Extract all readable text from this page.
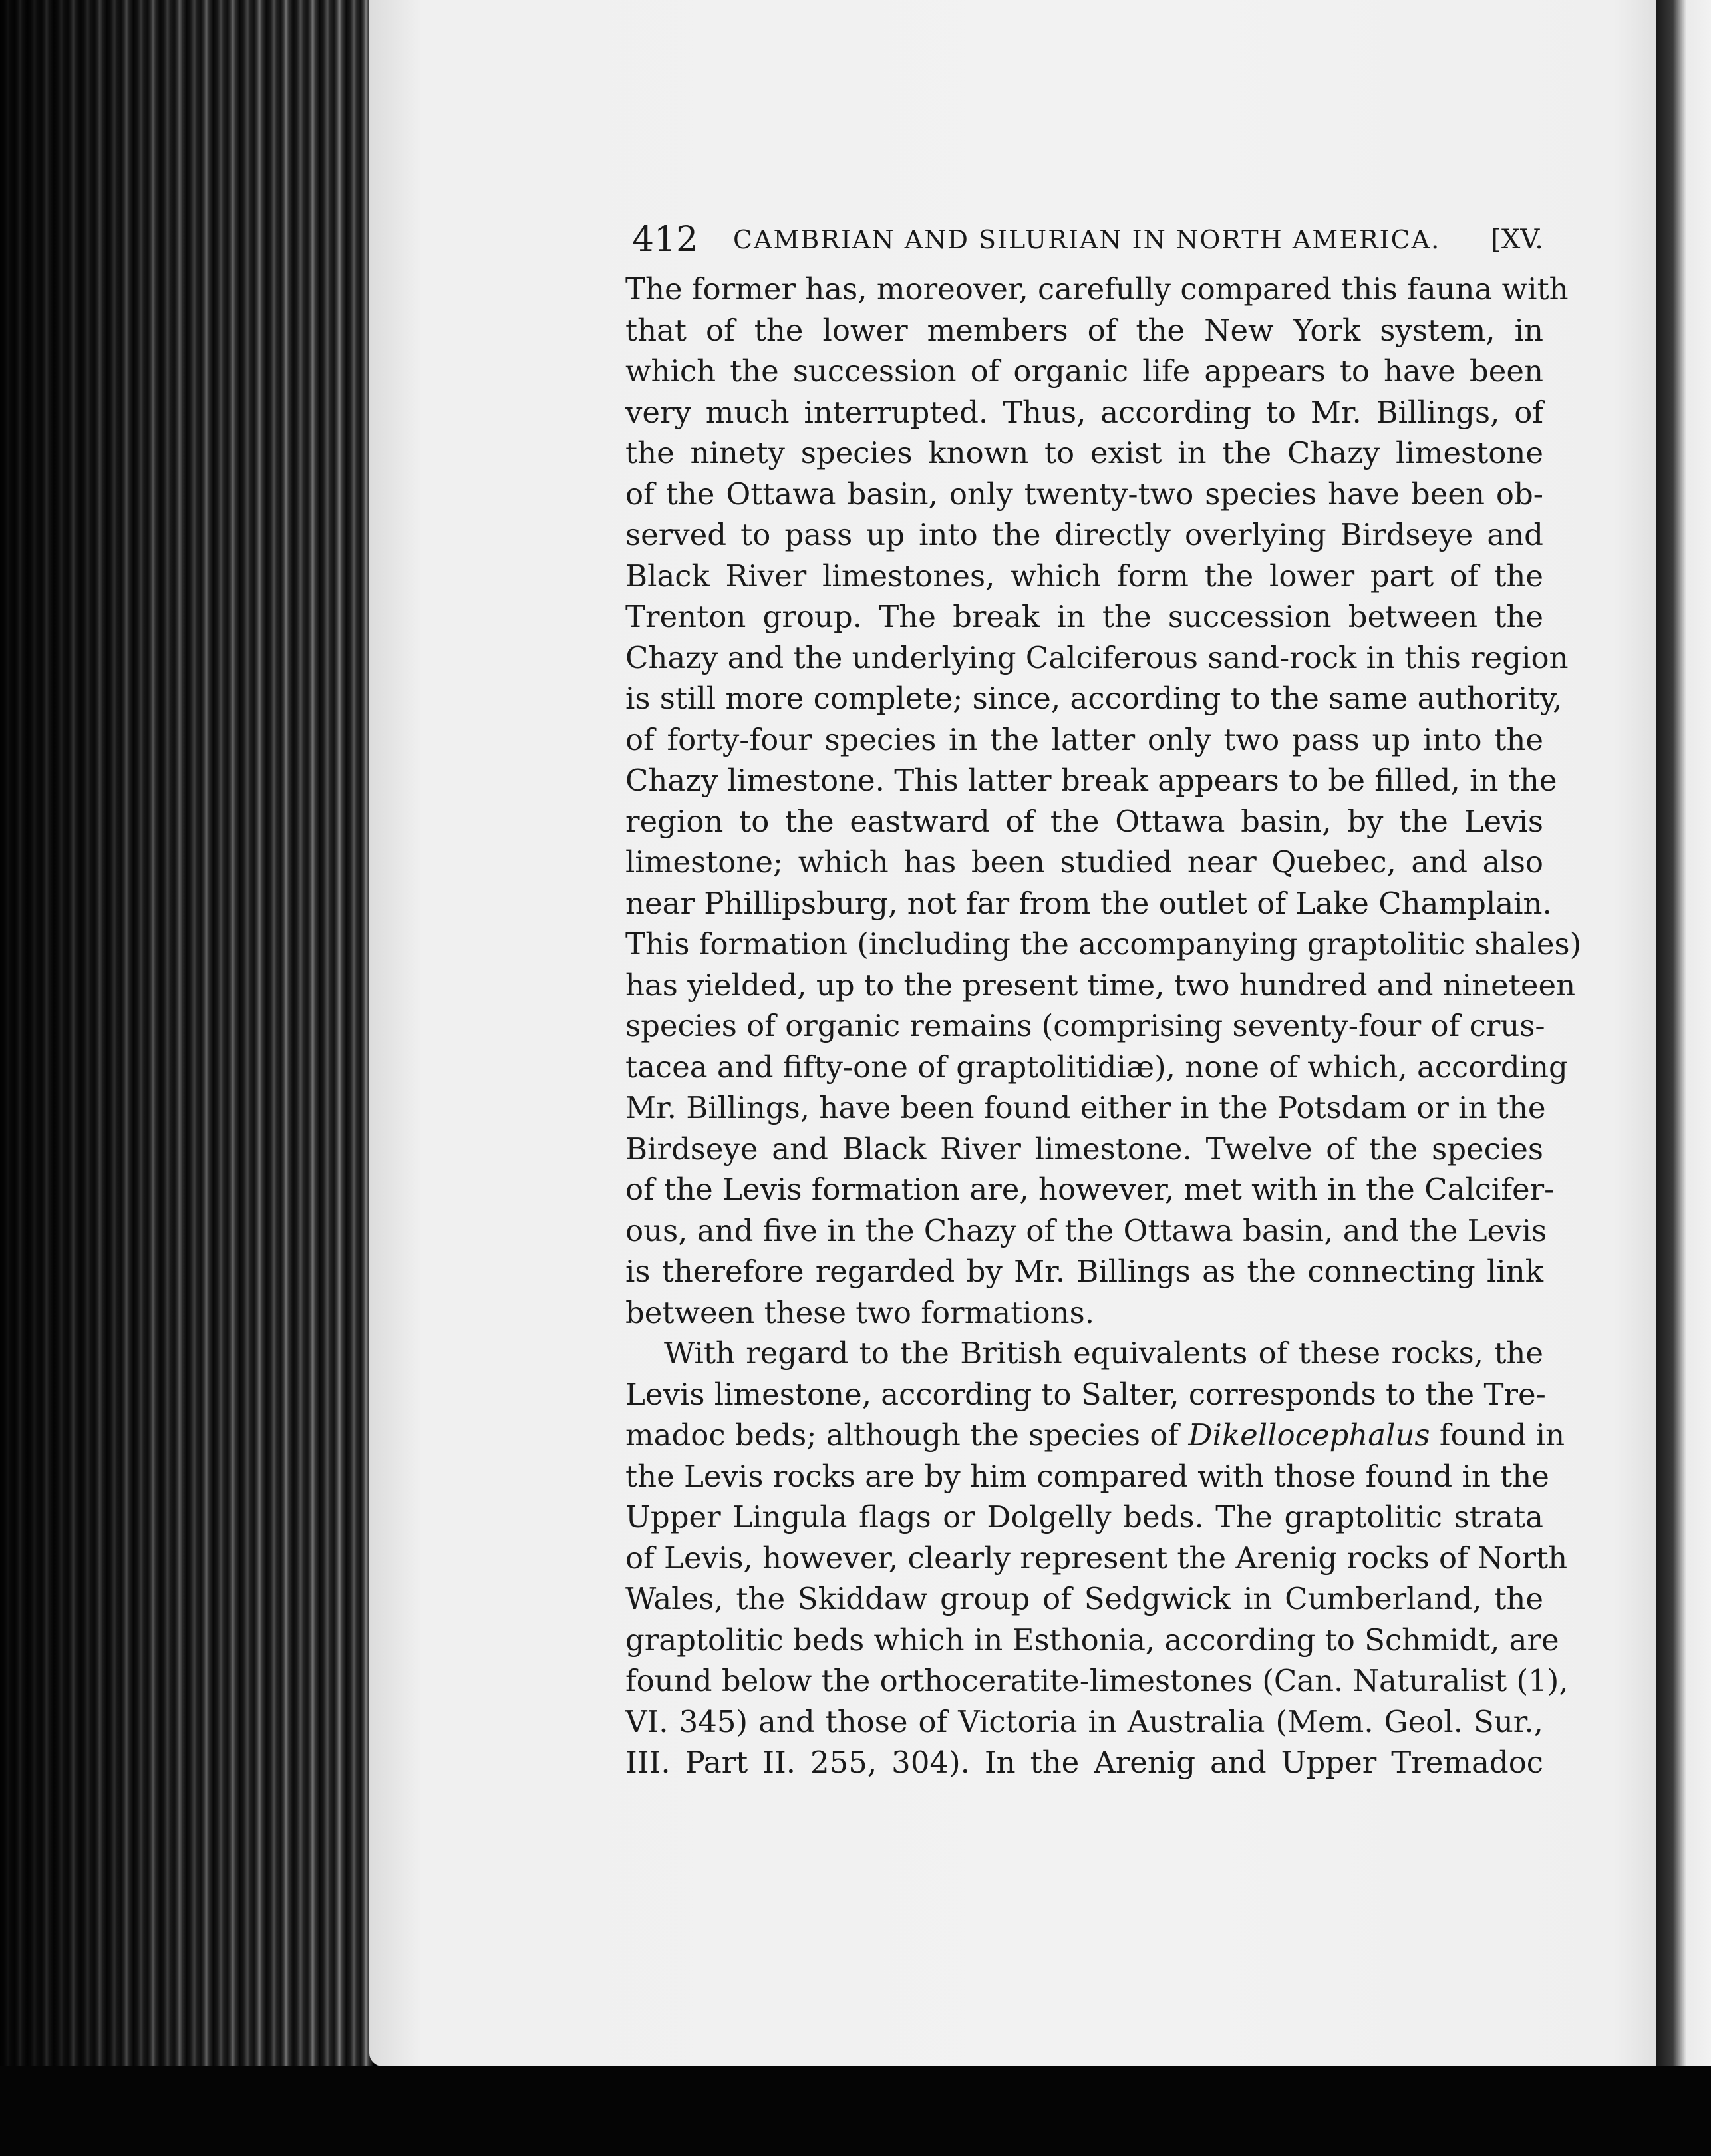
412 CAMBRIAN AND SILURIAN IN NORTH AMERICA. [XV.
The former has, moreover, carefully compared this fauna with
that of the lower members of the New York system, in
which the succession of organic life appears to have been
very much interrupted. Thus, according to Mr. Billings, of
the ninety species known to exist in the Chazy limestone
of the Ottawa basin, only twenty-two species have been ob-
served to pass up into the directly overlying Birdseye and
Black River limestones, which form the lower part of the
Trenton group. The break in the succession between the
Chazy and the underlying Calciferous sand-rock in this region
is still more complete; since, according to the same authority,
of forty-four species in the latter only two pass up into the
Chazy limestone. This latter break appears to be filled, in the
region to the eastward of the Ottawa basin, by the Levis
limestone; which has been studied near Quebec, and also
near Phillipsburg, not far from the outlet of Lake Champlain.
This formation (including the accompanying graptolitic shales)
has yielded, up to the present time, two hundred and nineteen
species of organic remains (comprising seventy-four of crus-
tacea and fifty-one of graptolitidiæ), none of which, according
Mr. Billings, have been found either in the Potsdam or in the
Birdseye and Black River limestone. Twelve of the species
of the Levis formation are, however, met with in the Calcifer-
ous, and five in the Chazy of the Ottawa basin, and the Levis
is therefore regarded by Mr. Billings as the connecting link
between these two formations.
With regard to the British equivalents of these rocks, the
Levis limestone, according to Salter, corresponds to the Tre-
madoc beds; although the species of Dikellocephalus found in
the Levis rocks are by him compared with those found in the
Upper Lingula flags or Dolgelly beds. The graptolitic strata
of Levis, however, clearly represent the Arenig rocks of North
Wales, the Skiddaw group of Sedgwick in Cumberland, the
graptolitic beds which in Esthonia, according to Schmidt, are
found below the orthoceratite-limestones (Can. Naturalist (1),
VI. 345) and those of Victoria in Australia (Mem. Geol. Sur.,
III. Part II. 255, 304). In the Arenig and Upper Tremadoc
